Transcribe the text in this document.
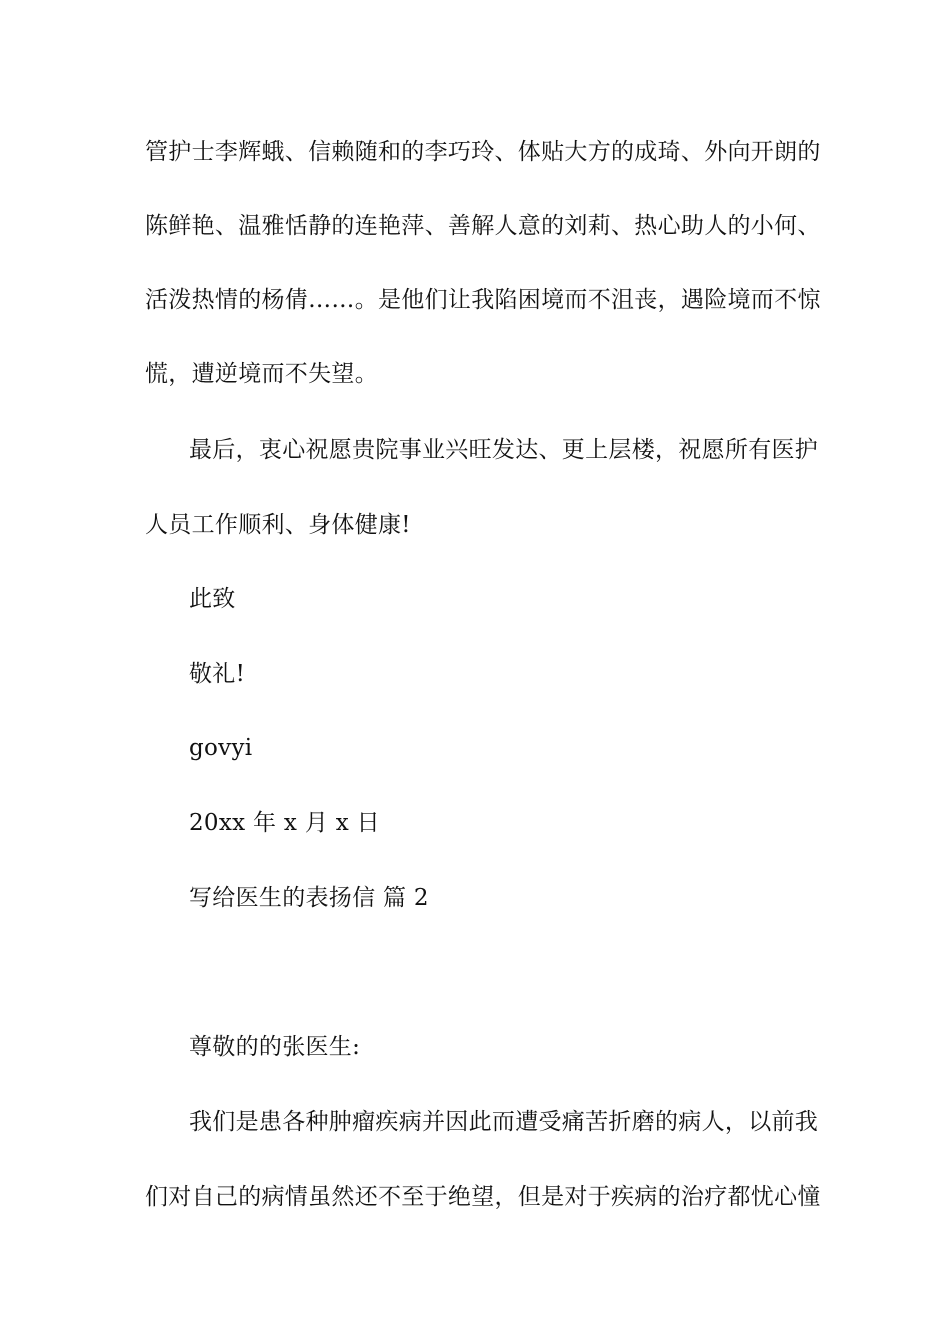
管护士李辉蛾、信赖随和的李巧玲、体贴大方的成琦、外向开朗的
陈鲜艳、温雅恬静的连艳萍、善解人意的刘莉、热心助人的小何、
活泼热情的杨倩……。是他们让我陷困境而不沮丧，遇险境而不惊
慌，遭逆境而不失望。
最后，衷心祝愿贵院事业兴旺发达、更上层楼，祝愿所有医护
人员工作顺利、身体健康!
此致
敬礼!
govyi
20xx 年 x 月 x 日
写给医生的表扬信 篇 2
尊敬的的张医生:
我们是患各种肿瘤疾病并因此而遭受痛苦折磨的病人，以前我
们对自己的病情虽然还不至于绝望，但是对于疾病的治疗都忧心憧
